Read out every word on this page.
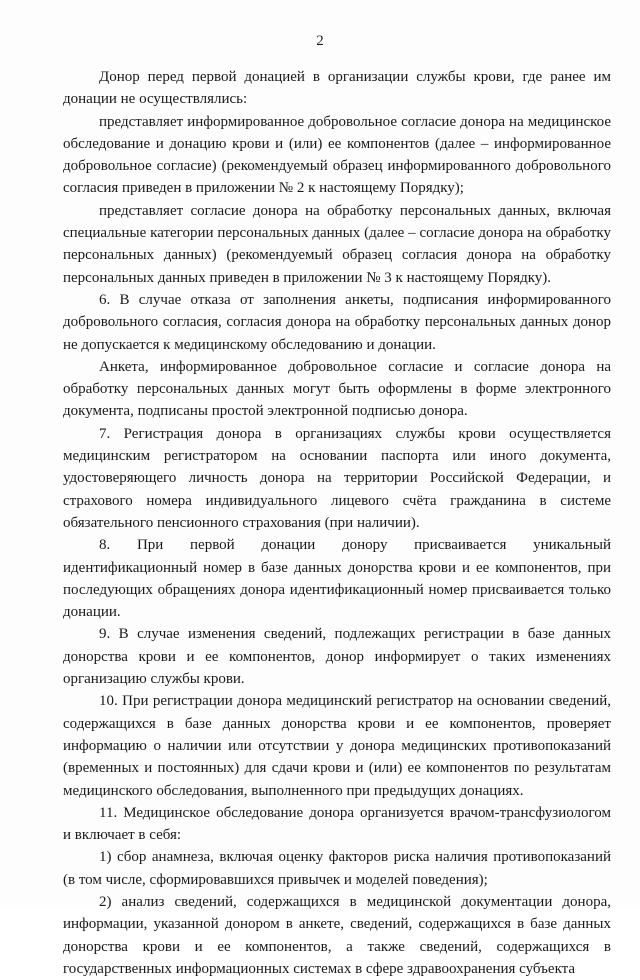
2

Донор перед первой донацией в организации службы крови, где ранее им донации не осуществлялись:

представляет информированное добровольное согласие донора на медицинское обследование и донацию крови и (или) ее компонентов (далее – информированное добровольное согласие) (рекомендуемый образец информированного добровольного согласия приведен в приложении № 2 к настоящему Порядку);

представляет согласие донора на обработку персональных данных, включая специальные категории персональных данных (далее – согласие донора на обработку персональных данных) (рекомендуемый образец согласия донора на обработку персональных данных приведен в приложении № 3 к настоящему Порядку).

6. В случае отказа от заполнения анкеты, подписания информированного добровольного согласия, согласия донора на обработку персональных данных донор не допускается к медицинскому обследованию и донации.

Анкета, информированное добровольное согласие и согласие донора на обработку персональных данных могут быть оформлены в форме электронного документа, подписаны простой электронной подписью донора.

7. Регистрация донора в организациях службы крови осуществляется медицинским регистратором на основании паспорта или иного документа, удостоверяющего личность донора на территории Российской Федерации, и страхового номера индивидуального лицевого счёта гражданина в системе обязательного пенсионного страхования (при наличии).

8. При первой донации донору присваивается уникальный идентификационный номер в базе данных донорства крови и ее компонентов, при последующих обращениях донора идентификационный номер присваивается только донации.

9. В случае изменения сведений, подлежащих регистрации в базе данных донорства крови и ее компонентов, донор информирует о таких изменениях организацию службы крови.

10. При регистрации донора медицинский регистратор на основании сведений, содержащихся в базе данных донорства крови и ее компонентов, проверяет информацию о наличии или отсутствии у донора медицинских противопоказаний (временных и постоянных) для сдачи крови и (или) ее компонентов по результатам медицинского обследования, выполненного при предыдущих донациях.

11. Медицинское обследование донора организуется врачом-трансфузиологом и включает в себя:

1) сбор анамнеза, включая оценку факторов риска наличия противопоказаний (в том числе, сформировавшихся привычек и моделей поведения);

2) анализ сведений, содержащихся в медицинской документации донора, информации, указанной донором в анкете, сведений, содержащихся в базе данных донорства крови и ее компонентов, а также сведений, содержащихся в государственных информационных системах в сфере здравоохранения субъекта
